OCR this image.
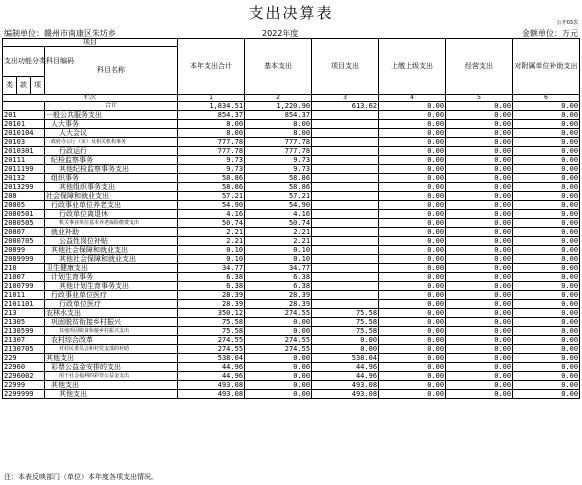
支出决算表
公开03表
编制单位：赣州市南康区朱坊乡	2022年度	金额单位：万元
项目				本年支出合计	基本支出	项目支出	上缴上级支出	经营支出	对附属单位补助支出
支出功能分类科目编码			科目名称						
类	款	项							
栏次				1	2	3	4	5	6
			合计	1,834.51	1,220.90	613.62	0.00	0.00	0.00
201			一般公共服务支出	854.37	854.37		0.00	0.00	0.00
20101			人大事务	8.00	8.00		0.00	0.00	0.00
2010104			人大会议	8.00	8.00		0.00	0.00	0.00
20103			政府办公厅（室）及相关机构事务	777.78	777.78		0.00	0.00	0.00
2010301			行政运行	777.78	777.78		0.00	0.00	0.00
20111			纪检监察事务	9.73	9.73		0.00	0.00	0.00
2011199			其他纪检监察事务支出	9.73	9.73		0.00	0.00	0.00
20132			组织事务	58.86	58.86		0.00	0.00	0.00
2013299			其他组织事务支出	58.86	58.86		0.00	0.00	0.00
208			社会保障和就业支出	57.21	57.21		0.00	0.00	0.00
20805			行政事业单位养老支出	54.90	54.90		0.00	0.00	0.00
2080501			行政单位离退休	4.16	4.16		0.00	0.00	0.00
2080505			机关事业单位基本养老保险缴费支出	50.74	50.74		0.00	0.00	0.00
20807			就业补助	2.21	2.21		0.00	0.00	0.00
2080705			公益性岗位补贴	2.21	2.21		0.00	0.00	0.00
20899			其他社会保障和就业支出	0.10	0.10		0.00	0.00	0.00
2089999			其他社会保障和就业支出	0.10	0.10		0.00	0.00	0.00
210			卫生健康支出	34.77	34.77		0.00	0.00	0.00
21007			计划生育事务	6.38	6.38		0.00	0.00	0.00
2100799			其他计划生育事务支出	6.38	6.38		0.00	0.00	0.00
21011			行政事业单位医疗	28.39	28.39		0.00	0.00	0.00
2101101			行政单位医疗	28.39	28.39		0.00	0.00	0.00
213			农林水支出	350.12	274.55	75.58	0.00	0.00	0.00
21305			巩固脱贫衔接乡村振兴	75.58	0.00	75.58	0.00	0.00	0.00
2130599			其他巩固脱贫衔接乡村振兴支出	75.58	0.00	75.58	0.00	0.00	0.00
21307			农村综合改革	274.55	274.55	0.00	0.00	0.00	0.00
2130705			对村民委员会和村党支部的补助	274.55	274.55	0.00	0.00	0.00	0.00
229			其他支出	538.04	0.00	538.04	0.00	0.00	0.00
22960			彩票公益金安排的支出	44.96	0.00	44.96	0.00	0.00	0.00
2296002			用于社会福利的彩票公益金支出	44.96	0.00	44.96	0.00	0.00	0.00
22999			其他支出	493.08	0.00	493.08	0.00	0.00	0.00
2299999			其他支出	493.08	0.00	493.08	0.00	0.00	0.00
注：本表反映部门（单位）本年度各项支出情况。
